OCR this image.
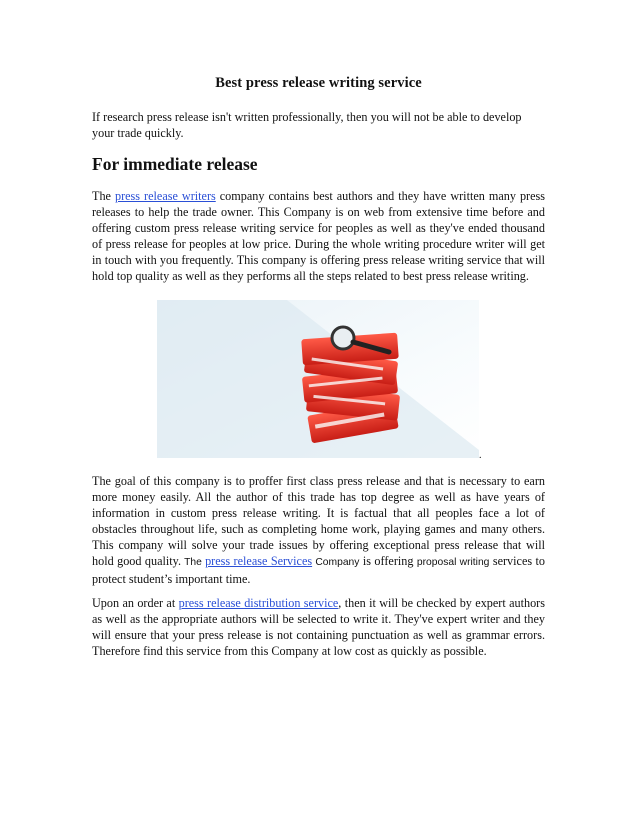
Best press release writing service
If research press release isn't written professionally, then you will not be able to develop your trade quickly.
For immediate release
The press release writers company contains best authors and they have written many press releases to help the trade owner. This Company is on web from extensive time before and offering custom press release writing service for peoples as well as they've ended thousand of press release for peoples at low price. During the whole writing procedure writer will get in touch with you frequently. This company is offering press release writing service that will hold top quality as well as they performs all the steps related to best press release writing.
The goal of this company is to proffer first class press release and that is necessary to earn more money easily. All the author of this trade has top degree as well as have years of information in custom press release writing. It is factual that all peoples face a lot of obstacles throughout life, such as completing home work, playing games and many others. This company will solve your trade issues by offering exceptional press release that will hold good quality. The press release Services Company is offering proposal writing services to protect student’s important time.
Upon an order at press release distribution service, then it will be checked by expert authors as well as the appropriate authors will be selected to write it. They've expert writer and they will ensure that your press release is not containing punctuation as well as grammar errors. Therefore find this service from this Company at low cost as quickly as possible.
.
